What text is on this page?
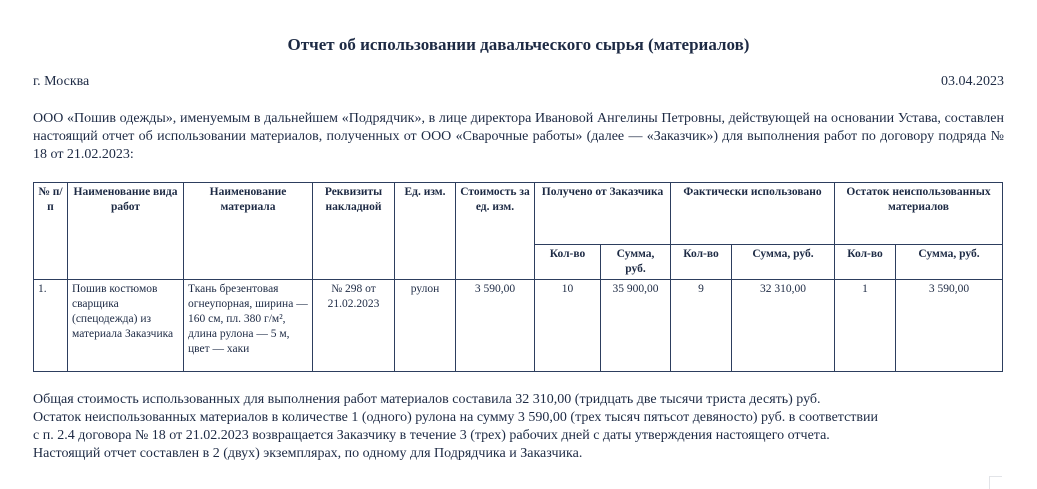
Отчет об использовании давальческого сырья (материалов)
г. Москва	03.04.2023
ООО «Пошив одежды», именуемым в дальнейшем «Подрядчик», в лице директора Ивановой Ангелины Петровны, действующей на основании Устава, составлен настоящий отчет об использовании материалов, полученных от ООО «Сварочные работы» (далее — «Заказчик») для выполнения работ по договору подряда № 18 от 21.02.2023:
№ п/п	Наименование вида работ	Наименование материала	Реквизиты накладной	Ед. изм.	Стоимость за ед. изм.	Получено от Заказчика		Фактически использовано		Остаток неиспользованных материалов	
						Кол-во	Сумма, руб.	Кол-во	Сумма, руб.	Кол-во	Сумма, руб.
1.	Пошив костюмов сварщика (спецодежда) из материала Заказчика	Ткань брезентовая огнеупорная, ширина — 160 см, пл. 380 г/м², длина рулона — 5 м, цвет — хаки	№ 298 от 21.02.2023	рулон	3 590,00	10	35 900,00	9	32 310,00	1	3 590,00
Общая стоимость использованных для выполнения работ материалов составила 32 310,00 (тридцать две тысячи триста десять) руб.
Остаток неиспользованных материалов в количестве 1 (одного) рулона на сумму 3 590,00 (трех тысяч пятьсот девяносто) руб. в соответствии
с п. 2.4 договора № 18 от 21.02.2023 возвращается Заказчику в течение 3 (трех) рабочих дней с даты утверждения настоящего отчета.
Настоящий отчет составлен в 2 (двух) экземплярах, по одному для Подрядчика и Заказчика.
